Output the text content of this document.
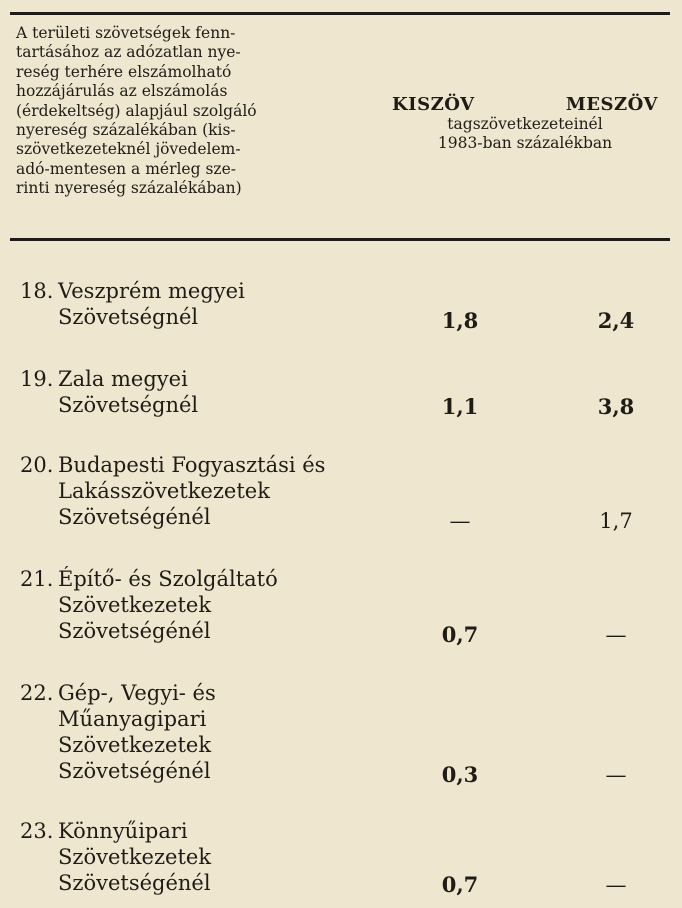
A területi szövetségek fenn-
tartásához az adózatlan nye-
reség terhére elszámolható
hozzájárulás az elszámolás
(érdekeltség) alapjául szolgáló
nyereség százalékában (kis-
szövetkezeteknél jövedelem-
adó-mentesen a mérleg sze-
rinti nyereség százalékában)
KISZÖV	MESZÖV
tagszövetkezeteinél
1983-ban százalékban
18. Veszprém megyei
Szövetségnél	1,8	2,4
19. Zala megyei
Szövetségnél	1,1	3,8
20. Budapesti Fogyasztási és
Lakásszövetkezetek
Szövetségénél	—	1,7
21. Építő- és Szolgáltató
Szövetkezetek
Szövetségénél	0,7	—
22. Gép-, Vegyi- és
Műanyagipari
Szövetkezetek
Szövetségénél	0,3	—
23. Könnyűipari
Szövetkezetek
Szövetségénél	0,7	—
